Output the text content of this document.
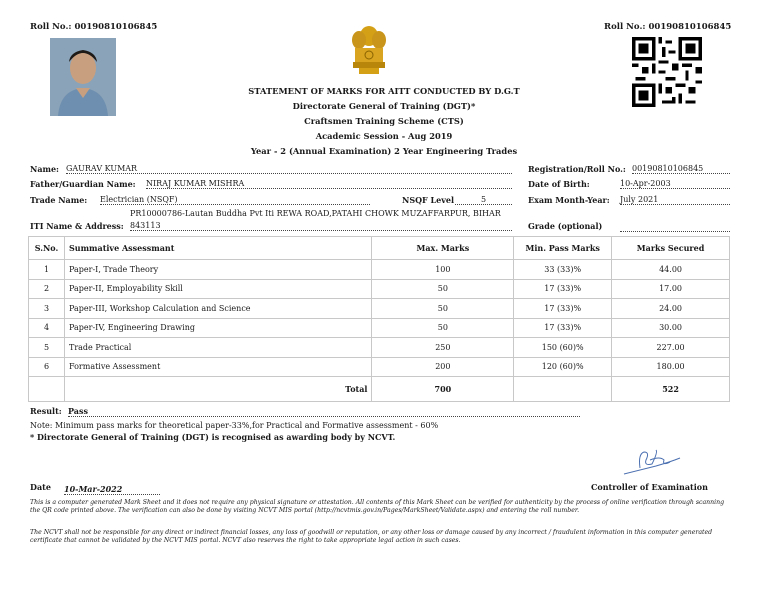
Roll No.: 00190810106845	Roll No.: 00190810106845
STATEMENT OF MARKS FOR AITT CONDUCTED BY D.G.T
Directorate General of Training (DGT)*
Craftsmen Training Scheme (CTS)
Academic Session - Aug 2019
Year - 2 (Annual Examination) 2 Year Engineering Trades
Name: GAURAV KUMAR
Father/Guardian Name: NIRAJ KUMAR MISHRA
Trade Name: Electrician (NSQF)	NSQF Level	5
PR10000786-Lautan Buddha Pvt Iti REWA ROAD,PATAHI CHOWK MUZAFFARPUR, BIHAR
ITI Name & Address: 843113
Registration/Roll No.: 00190810106845
Date of Birth:	10-Apr-2003
Exam Month-Year: July 2021
Grade (optional)
S.No.	Summative Assessmant	Max. Marks	Min. Pass Marks	Marks Secured
1	Paper-I, Trade Theory	100	33 (33)%	44.00
2	Paper-II, Employability Skill	50	17 (33)%	17.00
3	Paper-III, Workshop Calculation and Science	50	17 (33)%	24.00
4	Paper-IV, Engineering Drawing	50	17 (33)%	30.00
5	Trade Practical	250	150 (60)%	227.00
6	Formative Assessment	200	120 (60)%	180.00
	Total	700		522
Result: Pass
Note: Minimum pass marks for theoretical paper-33%,for Practical and Formative assessment - 60%
* Directorate General of Training (DGT) is recognised as awarding body by NCVT.
Date 10-Mar-2022	Controller of Examination
This is a computer generated Mark Sheet and it does not require any physical signature or attestation. All contents of this Mark Sheet can be verified for authenticity by the process of online verification through scanning the QR code printed above. The verification can also be done by visiting NCVT MIS portal (http://ncvtmis.gov.in/Pages/MarkSheet/Validate.aspx) and entering the roll number.
The NCVT shall not be responsible for any direct or indirect financial losses, any loss of goodwill or reputation, or any other loss or damage caused by any incorrect / fraudulent information in this computer generated certificate that cannot be validated by the NCVT MIS portal. NCVT also reserves the right to take appropriate legal action in such cases.
